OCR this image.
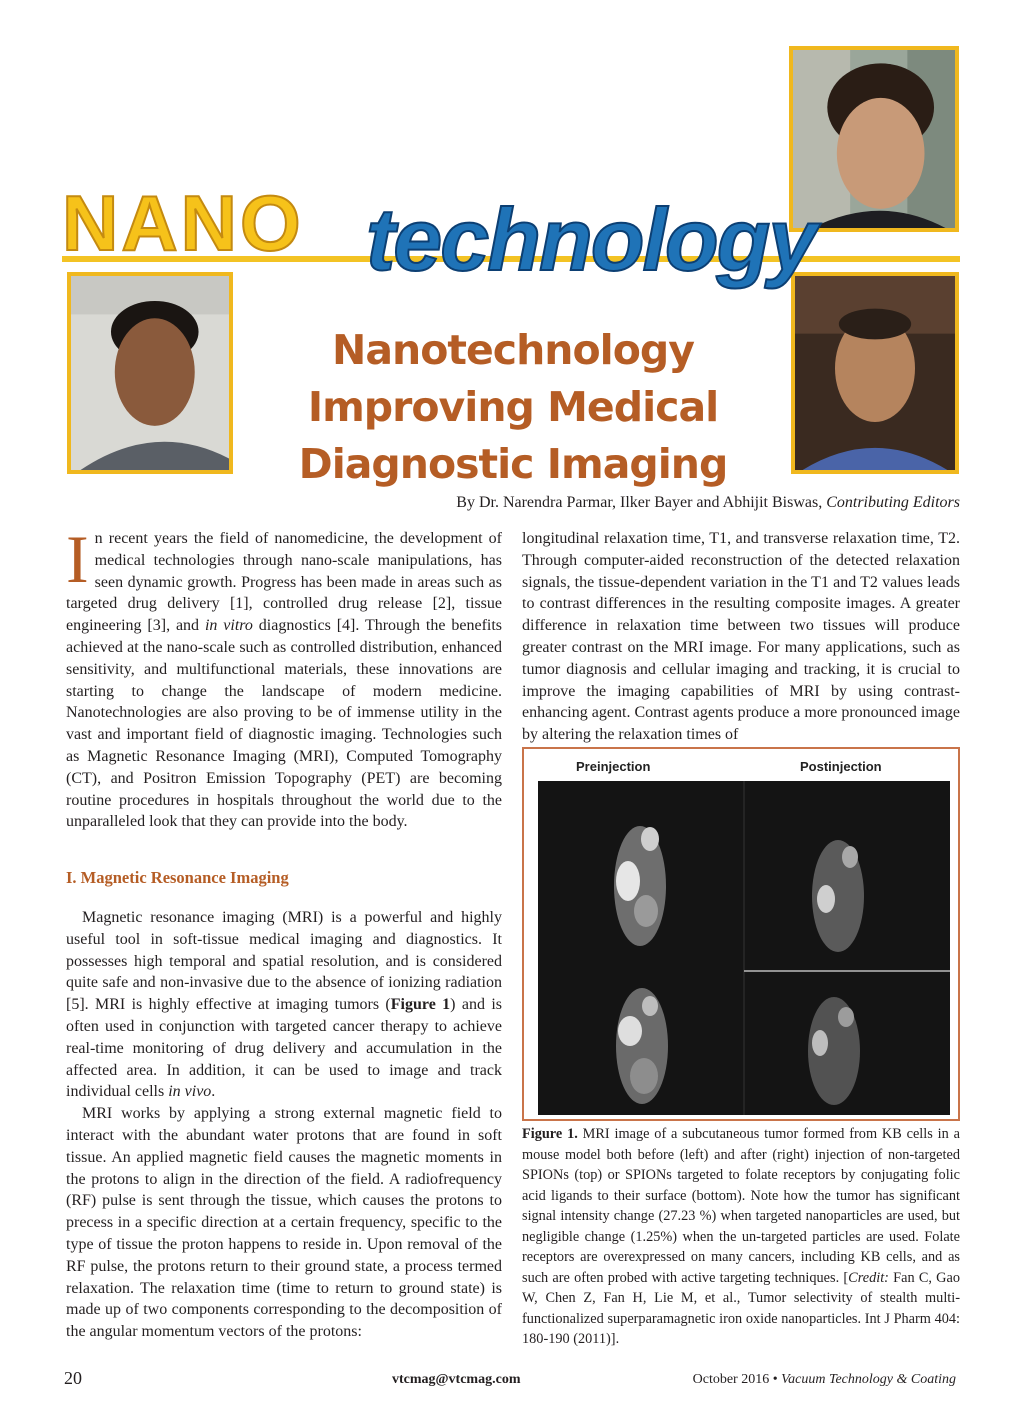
NANO technology
Nanotechnology
Improving Medical
Diagnostic Imaging
By Dr. Narendra Parmar, Ilker Bayer and Abhijit Biswas, Contributing Editors

In recent years the field of nanomedicine, the development of medical technologies through nano-scale manipulations, has seen dynamic growth. Progress has been made in areas such as targeted drug delivery [1], controlled drug release [2], tissue engineering [3], and in vitro diagnostics [4]. Through the benefits achieved at the nano-scale such as controlled distribution, enhanced sensitivity, and multifunctional materials, these innovations are starting to change the landscape of modern medicine. Nanotechnologies are also proving to be of immense utility in the vast and important field of diagnostic imaging. Technologies such as Magnetic Resonance Imaging (MRI), Computed Tomography (CT), and Positron Emission Topography (PET) are becoming routine procedures in hospitals throughout the world due to the unparalleled look that they can provide into the body.

I. Magnetic Resonance Imaging

Magnetic resonance imaging (MRI) is a powerful and highly useful tool in soft-tissue medical imaging and diagnostics. It possesses high temporal and spatial resolution, and is considered quite safe and non-invasive due to the absence of ionizing radiation [5]. MRI is highly effective at imaging tumors (Figure 1) and is often used in conjunction with targeted cancer therapy to achieve real-time monitoring of drug delivery and accumulation in the affected area. In addition, it can be used to image and track individual cells in vivo.

MRI works by applying a strong external magnetic field to interact with the abundant water protons that are found in soft tissue. An applied magnetic field causes the magnetic moments in the protons to align in the direction of the field. A radiofrequency (RF) pulse is sent through the tissue, which causes the protons to precess in a specific direction at a certain frequency, specific to the type of tissue the proton happens to reside in. Upon removal of the RF pulse, the protons return to their ground state, a process termed relaxation. The relaxation time (time to return to ground state) is made up of two components corresponding to the decomposition of the angular momentum vectors of the protons:

longitudinal relaxation time, T1, and transverse relaxation time, T2. Through computer-aided reconstruction of the detected relaxation signals, the tissue-dependent variation in the T1 and T2 values leads to contrast differences in the resulting composite images. A greater difference in relaxation time between two tissues will produce greater contrast on the MRI image. For many applications, such as tumor diagnosis and cellular imaging and tracking, it is crucial to improve the imaging capabilities of MRI by using contrast-enhancing agent. Contrast agents produce a more pronounced image by altering the relaxation times of

Preinjection	Postinjection
Figure 1. MRI image of a subcutaneous tumor formed from KB cells in a mouse model both before (left) and after (right) injection of non-targeted SPIONs (top) or SPIONs targeted to folate receptors by conjugating folic acid ligands to their surface (bottom). Note how the tumor has significant signal intensity change (27.23 %) when targeted nanoparticles are used, but negligible change (1.25%) when the un-targeted particles are used. Folate receptors are overexpressed on many cancers, including KB cells, and as such are often probed with active targeting techniques. [Credit: Fan C, Gao W, Chen Z, Fan H, Lie M, et al., Tumor selectivity of stealth multi-functionalized superparamagnetic iron oxide nanoparticles. Int J Pharm 404: 180-190 (2011)].
20	vtcmag@vtcmag.com	October 2016 • Vacuum Technology & Coating
